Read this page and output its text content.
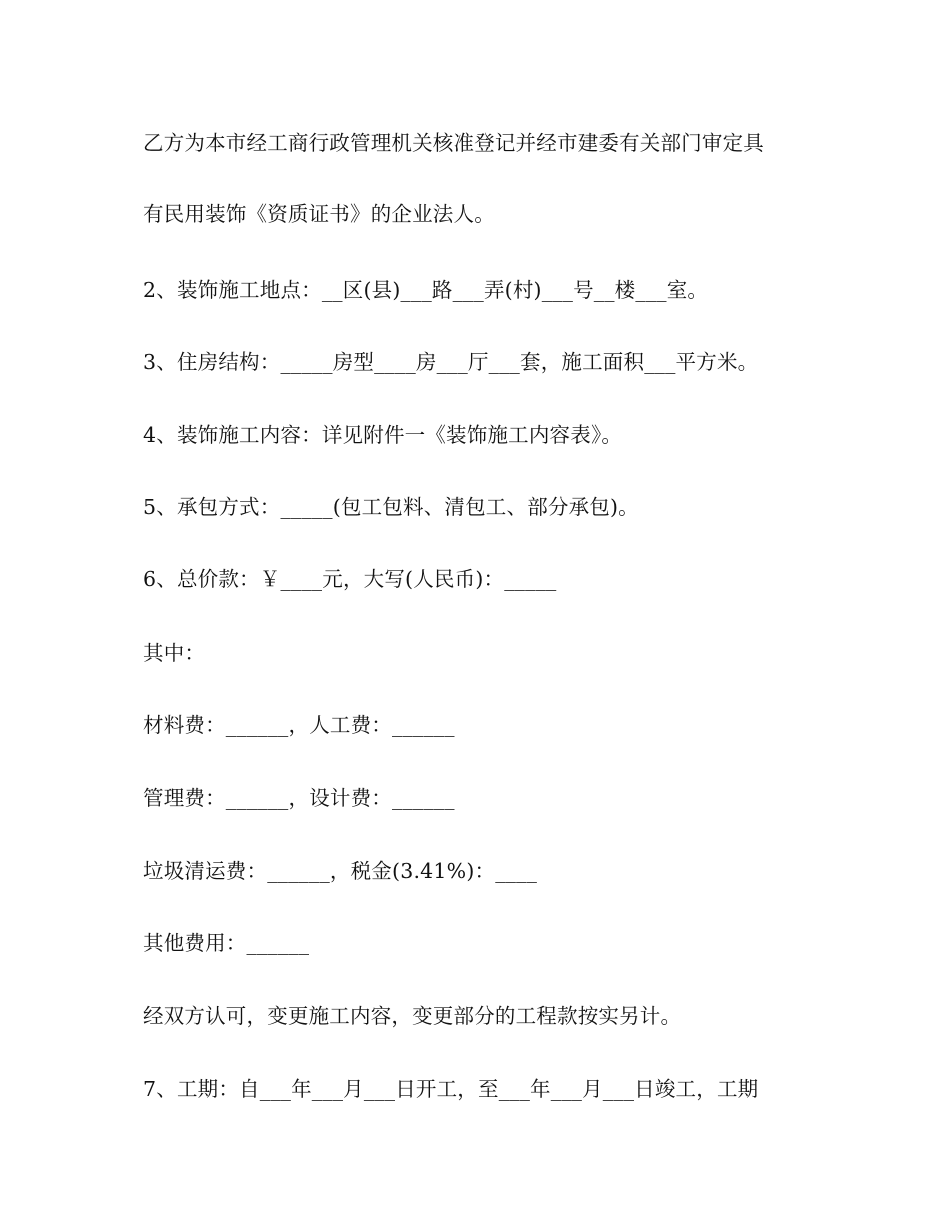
乙方为本市经工商行政管理机关核准登记并经市建委有关部门审定具
有民用装饰《资质证书》的企业法人。
2、装饰施工地点：__区(县)___路___弄(村)___号__楼___室。
3、住房结构：_____房型____房___厅___套，施工面积___平方米。
4、装饰施工内容：详见附件一《装饰施工内容表》。
5、承包方式：_____(包工包料、清包工、部分承包)。
6、总价款：￥____元，大写(人民币)：_____
其中：
材料费：______，人工费：______
管理费：______，设计费：______
垃圾清运费：______，税金(3.41%)：____
其他费用：______
经双方认可，变更施工内容，变更部分的工程款按实另计。
7、工期：自___年___月___日开工，至___年___月___日竣工，工期
